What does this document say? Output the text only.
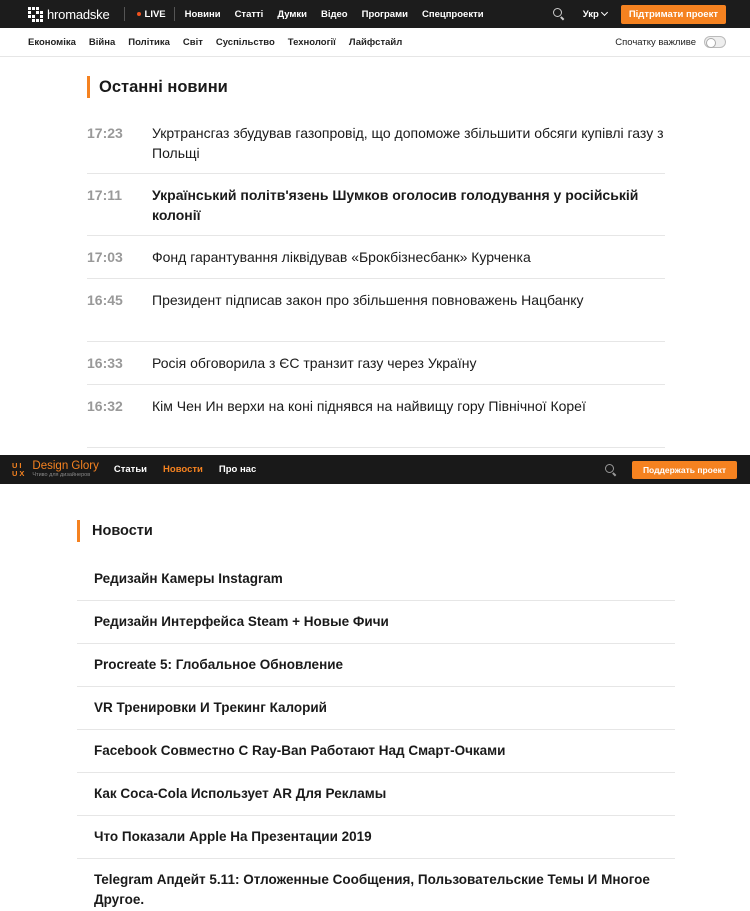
hromadske	LIVE Новини Статті Думки Відео Програми Спецпроекти	Укр	Підтримати проект
Економіка Війна Політика Світ Суспільство Технології Лайфстайл	Спочатку важливе
Останні новини
17:23	Укртрансгаз збудував газопровід, що допоможе збільшити обсяги купівлі газу з Польщі
17:11	Український політв'язень Шумков оголосив голодування у російській колонії
17:03	Фонд гарантування ліквідував «Брокбізнесбанк» Курченка
16:45	Президент підписав закон про збільшення повноважень Нацбанку
16:33	Росія обговорила з ЄС транзит газу через Україну
16:32	Кім Чен Ин верхи на коні піднявся на найвищу гору Північної Кореї
UI
UX
Design Glory
Чтиво для дизайнеров	Статьи Новости Про нас	Поддержать проект
Новости
Редизайн Камеры Instagram
Редизайн Интерфейса Steam + Новые Фичи
Procreate 5: Глобальное Обновление
VR Тренировки И Трекинг Калорий
Facebook Совместно С Ray-Ban Работают Над Смарт-Очками
Как Coca-Cola Использует AR Для Рекламы
Что Показали Apple На Презентации 2019
Telegram Апдейт 5.11: Отложенные Сообщения, Пользовательские Темы И Многое Другое.
